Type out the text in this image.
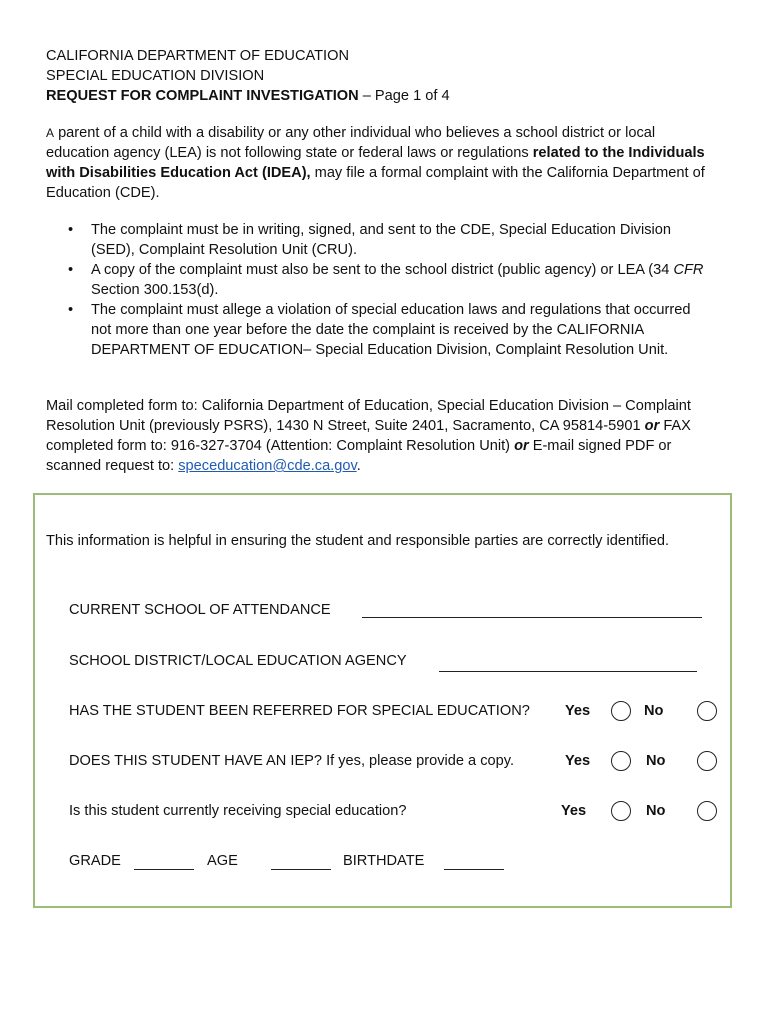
CALIFORNIA DEPARTMENT OF EDUCATION
SPECIAL EDUCATION DIVISION
REQUEST FOR COMPLAINT INVESTIGATION – Page 1 of 4
A parent of a child with a disability or any other individual who believes a school district or local education agency (LEA) is not following state or federal laws or regulations related to the Individuals with Disabilities Education Act (IDEA), may file a formal complaint with the California Department of Education (CDE).
• The complaint must be in writing, signed, and sent to the CDE, Special Education Division (SED), Complaint Resolution Unit (CRU).
• A copy of the complaint must also be sent to the school district (public agency) or LEA (34 CFR Section 300.153(d).
• The complaint must allege a violation of special education laws and regulations that occurred not more than one year before the date the complaint is received by the CALIFORNIA DEPARTMENT OF EDUCATION– Special Education Division, Complaint Resolution Unit.
Mail completed form to: California Department of Education, Special Education Division – Complaint Resolution Unit (previously PSRS), 1430 N Street, Suite 2401, Sacramento, CA 95814-5901 or FAX completed form to: 916-327-3704 (Attention: Complaint Resolution Unit) or E-mail signed PDF or scanned request to: speceducation@cde.ca.gov.
This information is helpful in ensuring the student and responsible parties are correctly identified.
CURRENT SCHOOL OF ATTENDANCE
SCHOOL DISTRICT/LOCAL EDUCATION AGENCY
HAS THE STUDENT BEEN REFERRED FOR SPECIAL EDUCATION? Yes	No
DOES THIS STUDENT HAVE AN IEP? If yes, please provide a copy.	Yes	No
Is this student currently receiving special education?	Yes	No
GRADE	AGE	BIRTHDATE
